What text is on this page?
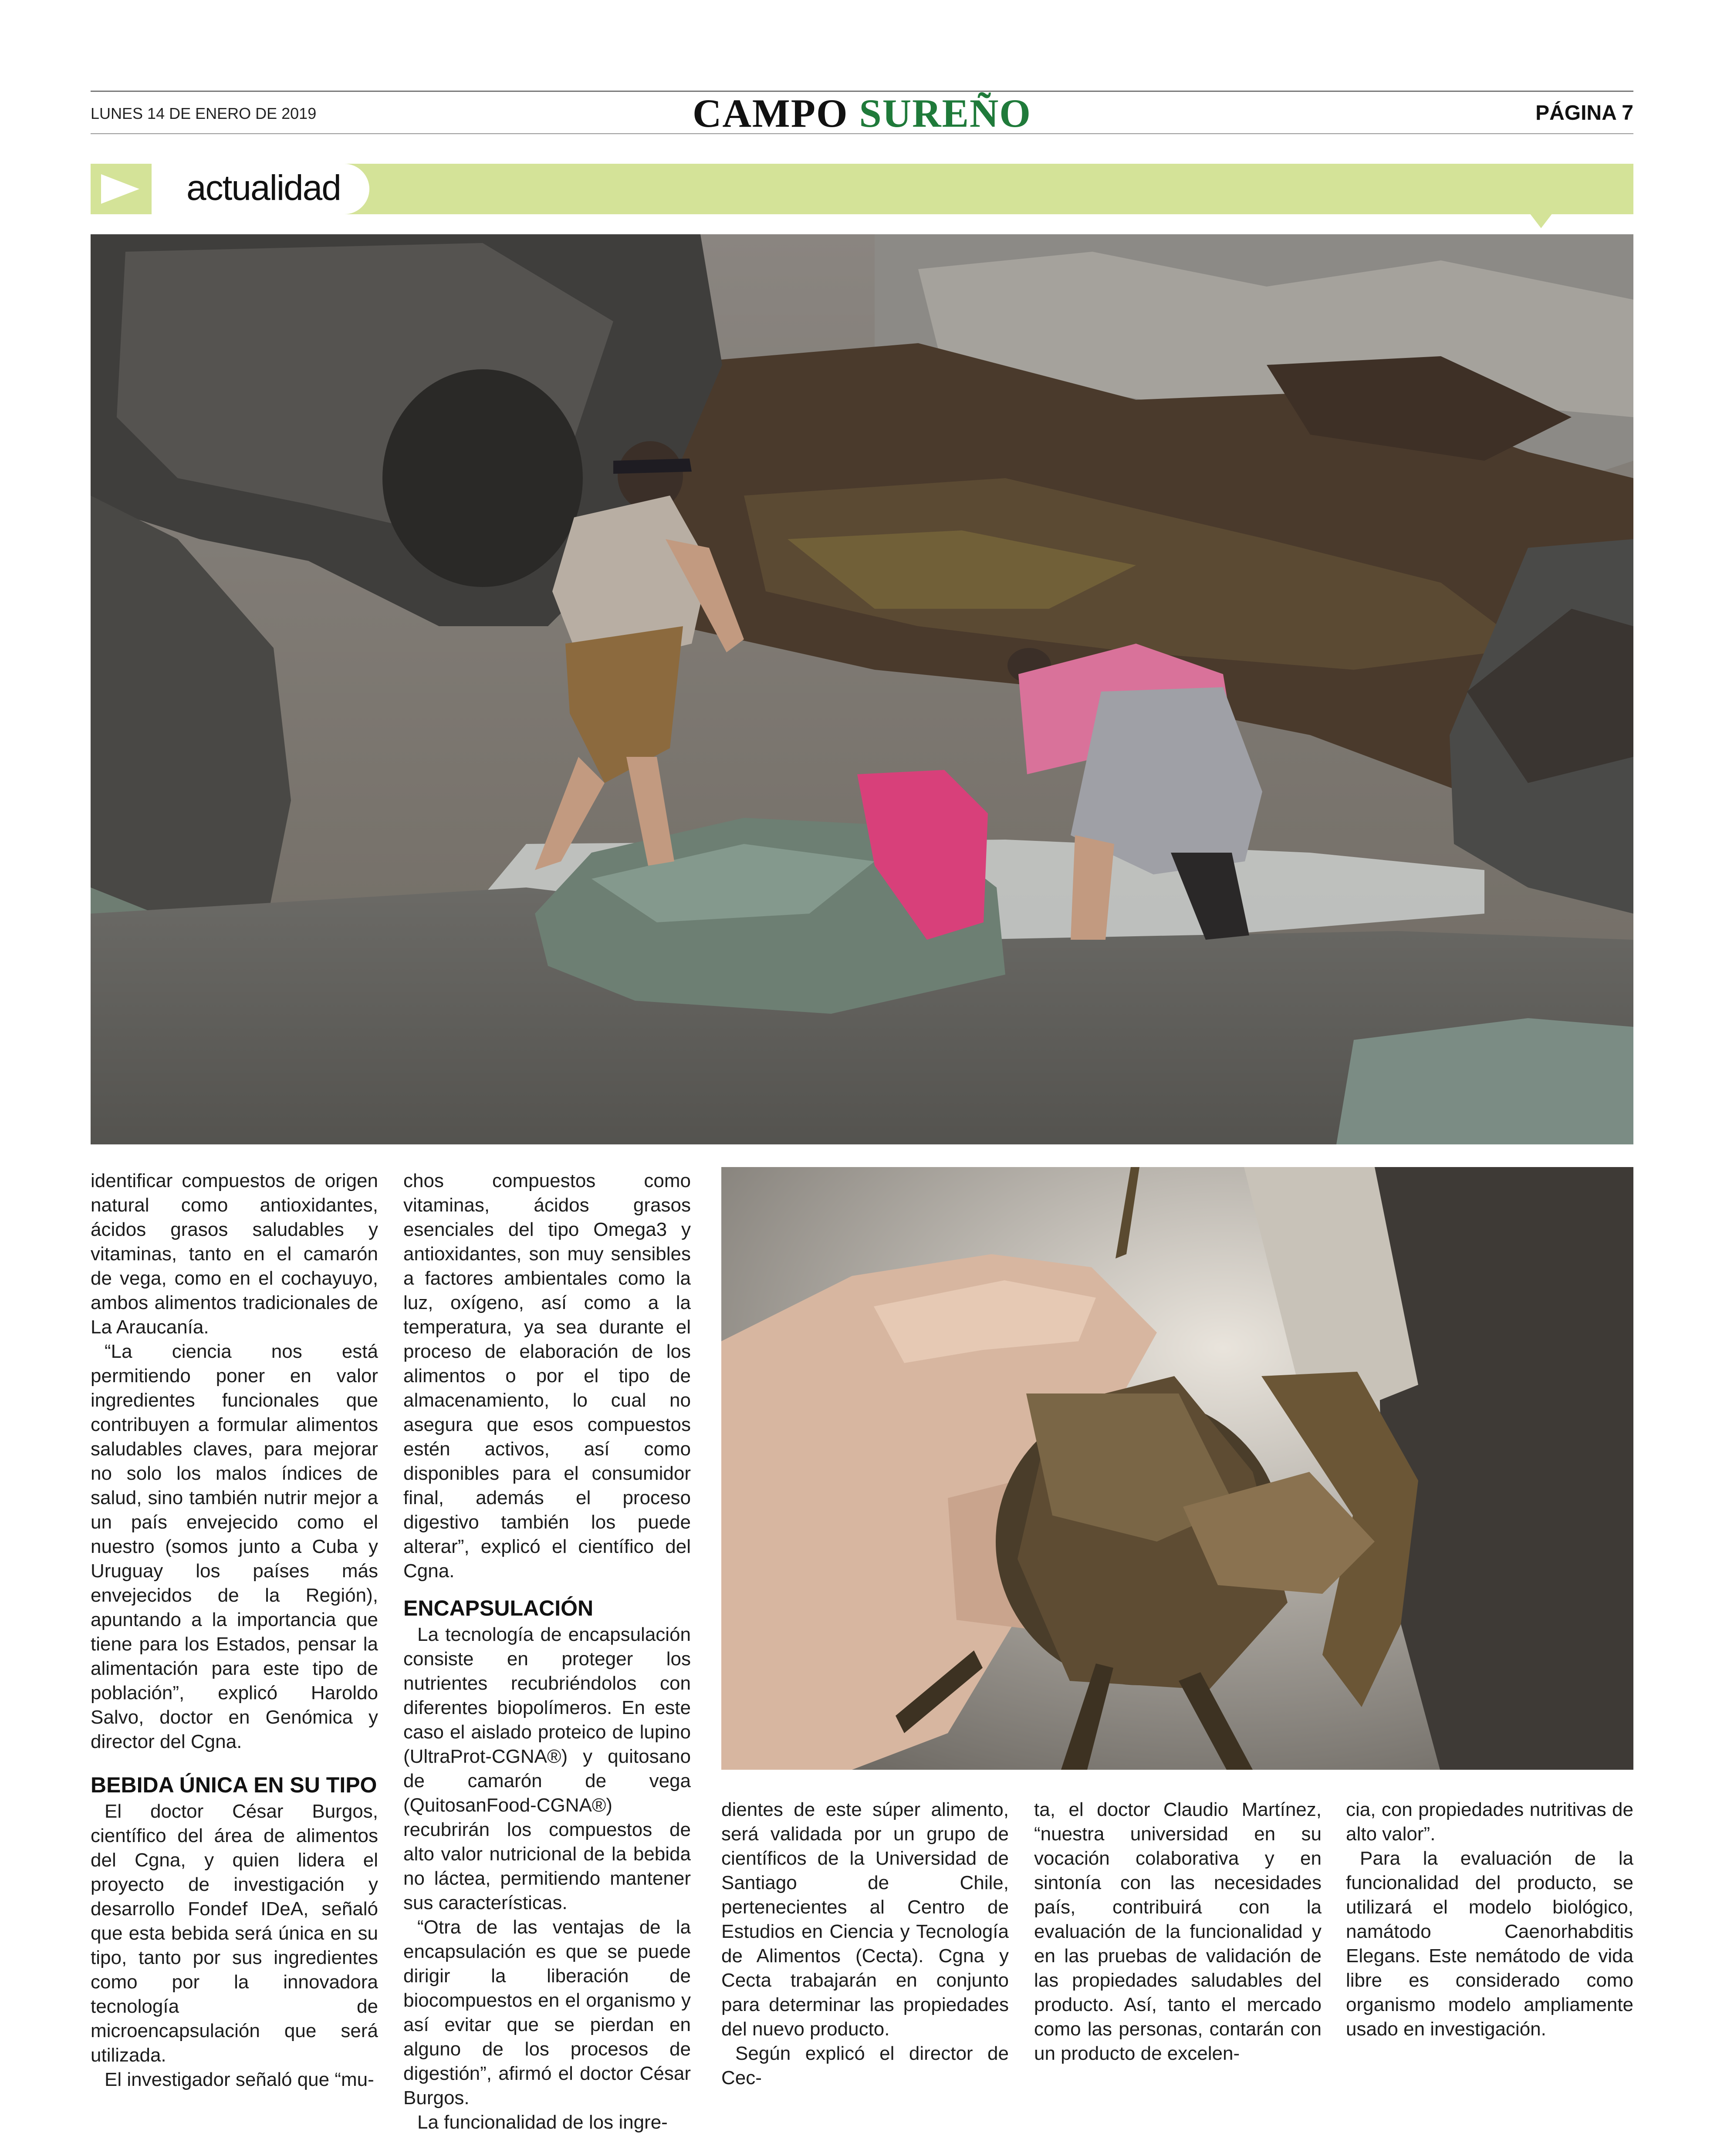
LUNES 14 DE ENERO DE 2019	CAMPO SUREÑO	PÁGINA 7
actualidad

identificar compuestos de origen natural como antioxidantes, ácidos grasos saludables y vitaminas, tanto en el camarón de vega, como en el cochayuyo, ambos alimentos tradicionales de La Araucanía.

“La ciencia nos está permitiendo poner en valor ingredientes funcionales que contribuyen a formular alimentos saludables claves, para mejorar no solo los malos índices de salud, sino también nutrir mejor a un país envejecido como el nuestro (somos junto a Cuba y Uruguay los países más envejecidos de la Región), apuntando a la importancia que tiene para los Estados, pensar la alimentación para este tipo de población”, explicó Haroldo Salvo, doctor en Genómica y director del Cgna.

BEBIDA ÚNICA EN SU TIPO

El doctor César Burgos, científico del área de alimentos del Cgna, y quien lidera el proyecto de investigación y desarrollo Fondef IDeA, señaló que esta bebida será única en su tipo, tanto por sus ingredientes como por la innovadora tecnología de microencapsulación que será utilizada.

El investigador señaló que “mu-

chos compuestos como vitaminas, ácidos grasos esenciales del tipo Omega3 y antioxidantes, son muy sensibles a factores ambientales como la luz, oxígeno, así como a la temperatura, ya sea durante el proceso de elaboración de los alimentos o por el tipo de almacenamiento, lo cual no asegura que esos compuestos estén activos, así como disponibles para el consumidor final, además el proceso digestivo también los puede alterar”, explicó el científico del Cgna.

ENCAPSULACIÓN

La tecnología de encapsulación consiste en proteger los nutrientes recubriéndolos con diferentes biopolímeros. En este caso el aislado proteico de lupino (UltraProt-CGNA®) y quitosano de camarón de vega (QuitosanFood-CGNA®) recubrirán los compuestos de alto valor nutricional de la bebida no láctea, permitiendo mantener sus características.

“Otra de las ventajas de la encapsulación es que se puede dirigir la liberación de biocompuestos en el organismo y así evitar que se pierdan en alguno de los procesos de digestión”, afirmó el doctor César Burgos.

La funcionalidad de los ingre-

dientes de este súper alimento, será validada por un grupo de científicos de la Universidad de Santiago de Chile, pertenecientes al Centro de Estudios en Ciencia y Tecnología de Alimentos (Cecta). Cgna y Cecta trabajarán en conjunto para determinar las propiedades del nuevo producto.

Según explicó el director de Cec-

ta, el doctor Claudio Martínez, “nuestra universidad en su vocación colaborativa y en sintonía con las necesidades país, contribuirá con la evaluación de la funcionalidad y en las pruebas de validación de las propiedades saludables del producto. Así, tanto el mercado como las personas, contarán con un producto de excelen-

cia, con propiedades nutritivas de alto valor”.

Para la evaluación de la funcionalidad del producto, se utilizará el modelo biológico, namátodo Caenorhabditis Elegans. Este nemátodo de vida libre es considerado como organismo modelo ampliamente usado en investigación.
